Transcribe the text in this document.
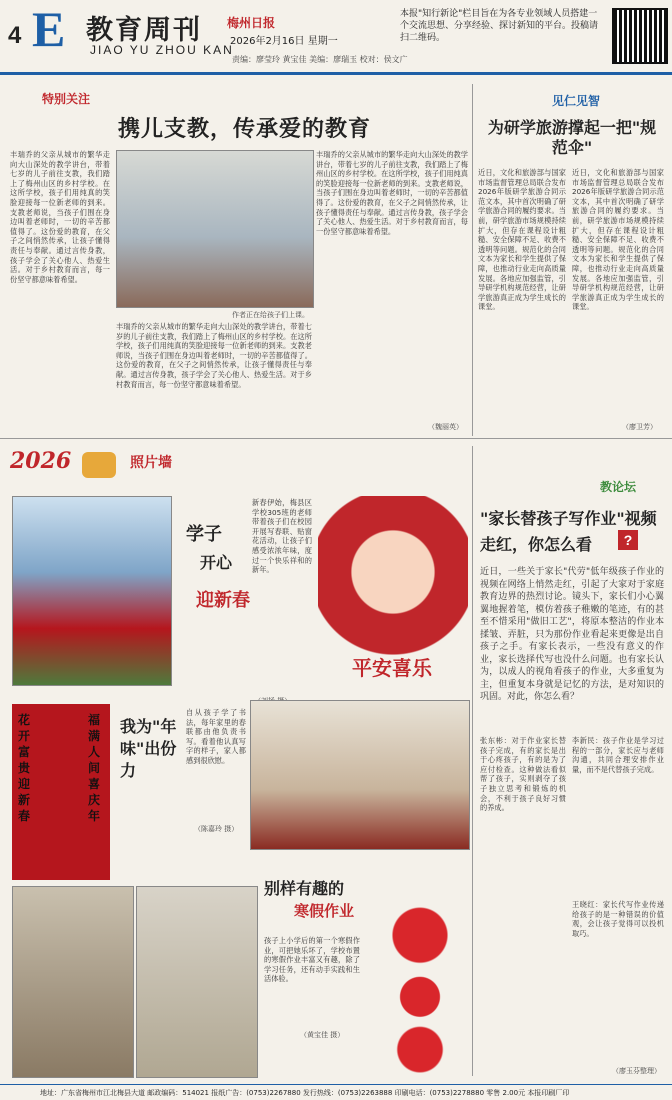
4 E 教育周刊
JIAO YU ZHOU KAN
梅州日报
2026年2月16日 星期一
责编：廖莹玲 黄宝佳 美编：廖瑞玉 校对：侯文广
本报"知行新论"栏目旨在为各专业领域人员搭建一个交流思想、分享经验、探讨新知的平台。投稿请扫二维码。
特别关注
携儿支教，传承爱的教育
丰瑞乔的父亲从城市的繁华走向大山深处的教学讲台，带着七岁的儿子前往支教，我们踏上了梅州山区的乡村学校。在这所学校，孩子们用纯真的笑脸迎接每一位新老师的到来。支教老师说，当孩子们围在身边叫着老师时，一切的辛苦都值得了。这份爱的教育，在父子之间悄然传承，让孩子懂得责任与奉献。通过言传身教，孩子学会了关心他人、热爱生活。对于乡村教育而言，每一份坚守都意味着希望。
作者正在给孩子们上课。
丰瑞乔的父亲从城市的繁华走向大山深处的教学讲台，带着七岁的儿子前往支教，我们踏上了梅州山区的乡村学校。在这所学校，孩子们用纯真的笑脸迎接每一位新老师的到来。支教老师说，当孩子们围在身边叫着老师时，一切的辛苦都值得了。这份爱的教育，在父子之间悄然传承，让孩子懂得责任与奉献。通过言传身教，孩子学会了关心他人、热爱生活。对于乡村教育而言，每一份坚守都意味着希望。
丰瑞乔的父亲从城市的繁华走向大山深处的教学讲台，带着七岁的儿子前往支教，我们踏上了梅州山区的乡村学校。在这所学校，孩子们用纯真的笑脸迎接每一位新老师的到来。支教老师说，当孩子们围在身边叫着老师时，一切的辛苦都值得了。这份爱的教育，在父子之间悄然传承，让孩子懂得责任与奉献。通过言传身教，孩子学会了关心他人、热爱生活。对于乡村教育而言，每一份坚守都意味着希望。
（魏丽英）
见仁见智
为研学旅游撑起一把"规范伞"
近日，文化和旅游部与国家市场监督管理总局联合发布2026年版研学旅游合同示范文本，其中首次明确了研学旅游合同的履约要求。当前，研学旅游市场规模持续扩大，但存在课程设计粗糙、安全保障不足、收费不透明等问题。规范化的合同文本为家长和学生提供了保障，也推动行业走向高质量发展。各地应加强监管，引导研学机构规范经营，让研学旅游真正成为学生成长的课堂。
近日，文化和旅游部与国家市场监督管理总局联合发布2026年版研学旅游合同示范文本，其中首次明确了研学旅游合同的履约要求。当前，研学旅游市场规模持续扩大，但存在课程设计粗糙、安全保障不足、收费不透明等问题。规范化的合同文本为家长和学生提供了保障，也推动行业走向高质量发展。各地应加强监管，引导研学机构规范经营，让研学旅游真正成为学生成长的课堂。
（廖卫芳）
2026	照片墙
学子
开心
迎新春
新春伊始，梅县区学校305班的老师带着孩子们在校园开展写春联、贴窗花活动，让孩子们感受浓浓年味，度过一个快乐祥和的新年。
平安喜乐
花开富贵迎新春
福满人间喜庆年
我为"年味"出份力
自从孩子学了书法，每年家里的春联都由他负责书写。看着他认真写字的样子，家人都感到很欣慰。
（陈嘉玲 摄）
别样有趣的
寒假作业
孩子上小学后的第一个寒假作业，可把她乐坏了，学校布置的寒假作业丰富又有趣，除了学习任务，还有动手实践和生活体验。
（黄宝佳 摄）
教论坛
"家长替孩子写作业"视频
走红，你怎么看	?
近日，一些关于家长"代劳"低年级孩子作业的视频在网络上悄然走红，引起了大家对于家庭教育边界的热烈讨论。镜头下，家长们小心翼翼地握着笔，模仿着孩子稚嫩的笔迹，有的甚至不惜采用"做旧工艺"，将原本整洁的作业本揉皱、弄脏，只为那份作业看起来更像是出自孩子之手。有家长表示，一些没有意义的作业，家长选择代写也没什么问题。也有家长认为，以成人的视角看孩子的作业，大多重复为主，但重复本身就是记忆的方法，是对知识的巩固。对此，你怎么看？
张东彬：对于作业家长替孩子完成，有的家长是出于心疼孩子，有的是为了应付检查。这种做法看似帮了孩子，实则剥夺了孩子独立思考和锻炼的机会，不利于孩子良好习惯的养成。
李新民：孩子作业是学习过程的一部分，家长应与老师沟通，共同合理安排作业量，而不是代替孩子完成。
王晓红：家长代写作业传递给孩子的是一种错误的价值观，会让孩子觉得可以投机取巧。
（廖玉芬整理）
地址：广东省梅州市江北梅县大道 邮政编码：514021 报纸广告：(0753)2267880 发行热线：(0753)2263888 印刷电话：(0753)2278880 零售 2.00元 本报印刷厂印
